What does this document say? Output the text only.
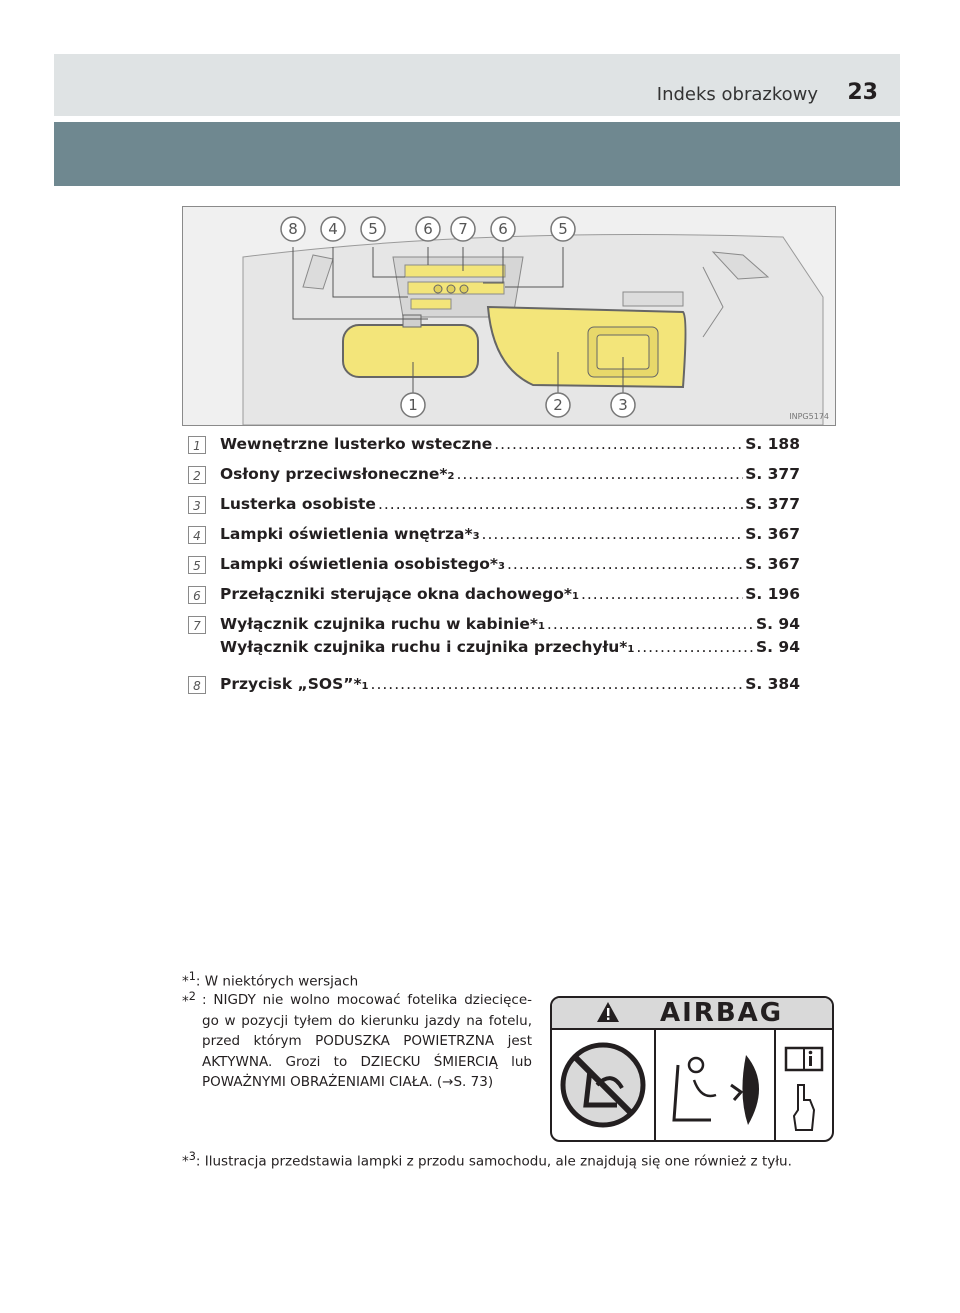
Indeks obrazkowy 23
8 4 5	6 7 6	5
1	2	3
INPG5174
1	Wewnętrzne lusterko wsteczne .....	S. 188
2	Osłony przeciwsłoneczne* 2 .....	S. 377
3	Lusterka osobiste .....	S. 377
4	Lampki oświetlenia wnętrza* 3 .....	S. 367
5	Lampki oświetlenia osobistego* 3 .....	S. 367
6	Przełączniki sterujące okna dachowego* 1 .....	S. 196
7	Wyłącznik czujnika ruchu w kabinie* 1 .....	S. 94
Wyłącznik czujnika ruchu i czujnika przechyłu* 1 .....	S. 94
8	Przycisk „SOS”* 1 .....	S. 384
*$^1$: W niektórych wersjach
*$^2$ : NIGDY nie wolno mocować fotelika dziecięce-go w pozycji tyłem do kierunku jazdy na fotelu, przed którym PODUSZKA POWIETRZNA jest AKTYWNA. Grozi to DZIECKU ŚMIERCIĄ lub POWAŻNYMI OBRAŻENIAMI CIAŁA. (→S. 73)
*$^3$: Ilustracja przedstawia lampki z przodu samochodu, ale znajdują się one również z tyłu.
AIRBAG
